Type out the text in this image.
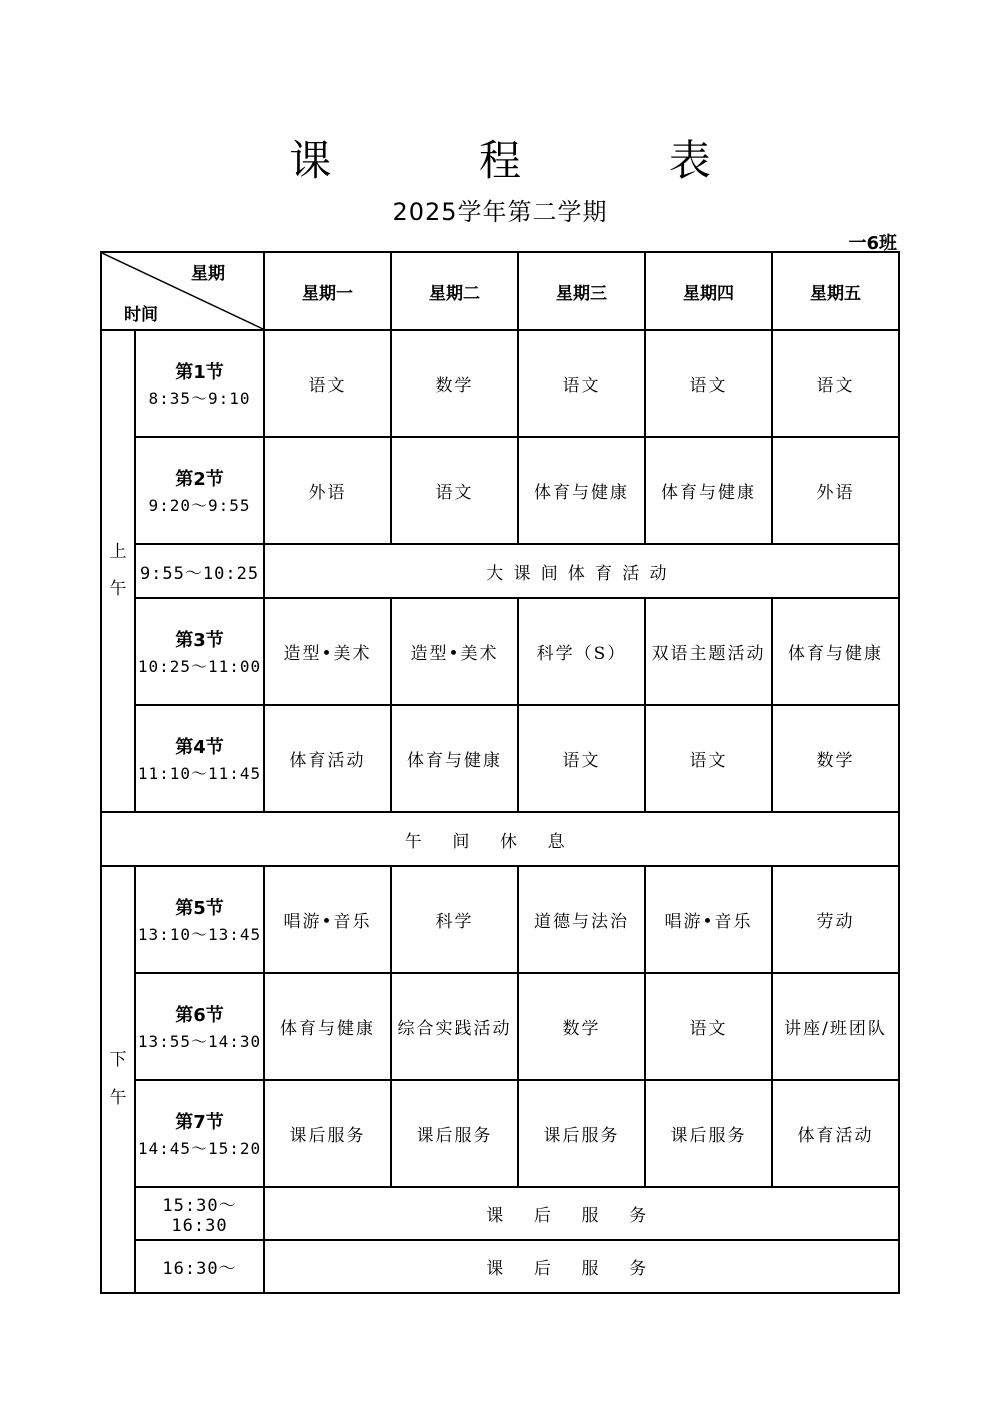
课 程 表
2025学年第二学期
一6班
星期
时间		星期一	星期二	星期三	星期四	星期五
上
午	第1节
8:35～9:10	语文	数学	语文	语文	语文

	第2节
9:20～9:55	外语	语文	体育与健康	体育与健康	外语
	9:55～10:25	大课间体育活动				

	第3节
10:25～11:00	造型•美术	造型•美术	科学（S）	双语主题活动	体育与健康

	第4节
11:10～11:45	体育活动	体育与健康	语文	语文	数学
午间休息						
下
午	第5节
13:10～13:45	唱游•音乐	科学	道德与法治	唱游•音乐	劳动

	第6节
13:55～14:30	体育与健康	综合实践活动	数学	语文	讲座/班团队

	第7节
14:45～15:20	课后服务	课后服务	课后服务	课后服务	体育活动
	15:30～16:30	课后服务				
	16:30～	课后服务				
